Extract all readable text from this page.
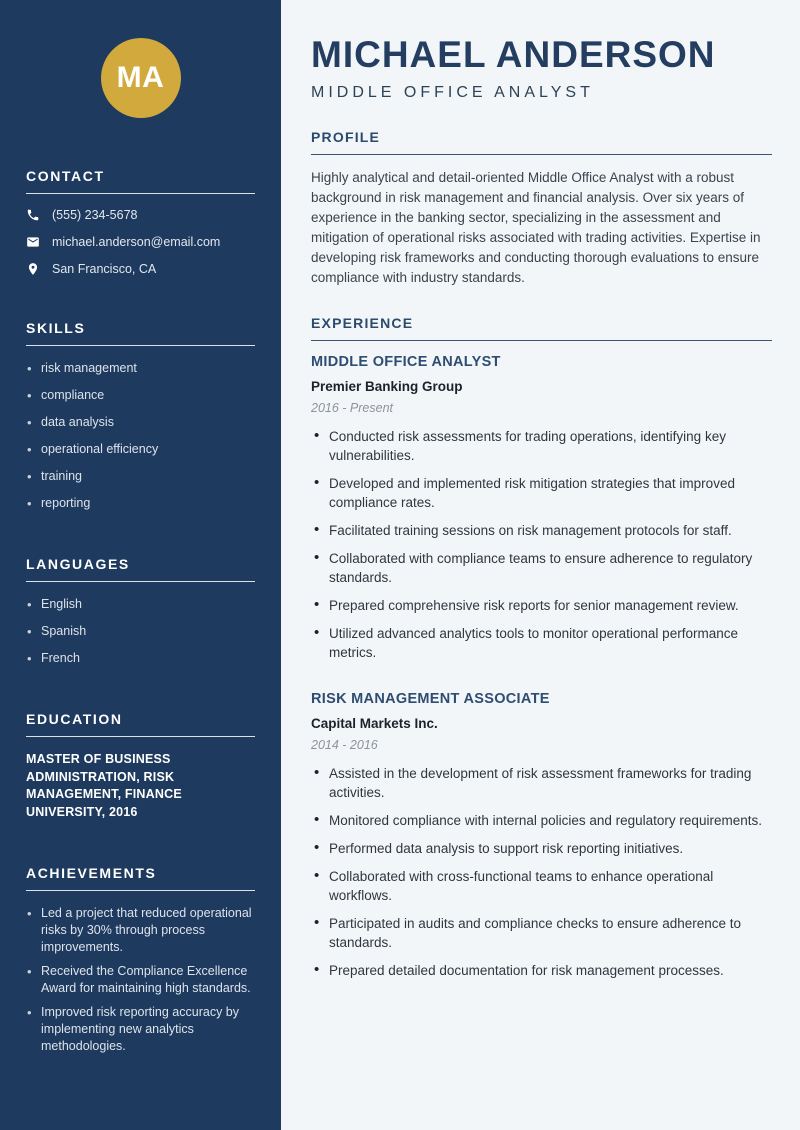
MA
CONTACT
(555) 234-5678
michael.anderson@email.com
San Francisco, CA
SKILLS
• risk management
• compliance
• data analysis
• operational efficiency
• training
• reporting
LANGUAGES
• English
• Spanish
• French
EDUCATION
MASTER OF BUSINESS ADMINISTRATION, RISK MANAGEMENT, FINANCE UNIVERSITY, 2016
ACHIEVEMENTS
• Led a project that reduced operational risks by 30% through process improvements.
• Received the Compliance Excellence Award for maintaining high standards.
• Improved risk reporting accuracy by implementing new analytics methodologies.
MICHAEL ANDERSON
MIDDLE OFFICE ANALYST
PROFILE

Highly analytical and detail-oriented Middle Office Analyst with a robust background in risk management and financial analysis. Over six years of experience in the banking sector, specializing in the assessment and mitigation of operational risks associated with trading activities. Expertise in developing risk frameworks and conducting thorough evaluations to ensure compliance with industry standards.

EXPERIENCE
MIDDLE OFFICE ANALYST
Premier Banking Group
2016 - Present
• Conducted risk assessments for trading operations, identifying key vulnerabilities.
• Developed and implemented risk mitigation strategies that improved compliance rates.
• Facilitated training sessions on risk management protocols for staff.
• Collaborated with compliance teams to ensure adherence to regulatory standards.
• Prepared comprehensive risk reports for senior management review.
• Utilized advanced analytics tools to monitor operational performance metrics.
RISK MANAGEMENT ASSOCIATE
Capital Markets Inc.
2014 - 2016
• Assisted in the development of risk assessment frameworks for trading activities.
• Monitored compliance with internal policies and regulatory requirements.
• Performed data analysis to support risk reporting initiatives.
• Collaborated with cross-functional teams to enhance operational workflows.
• Participated in audits and compliance checks to ensure adherence to standards.
• Prepared detailed documentation for risk management processes.
